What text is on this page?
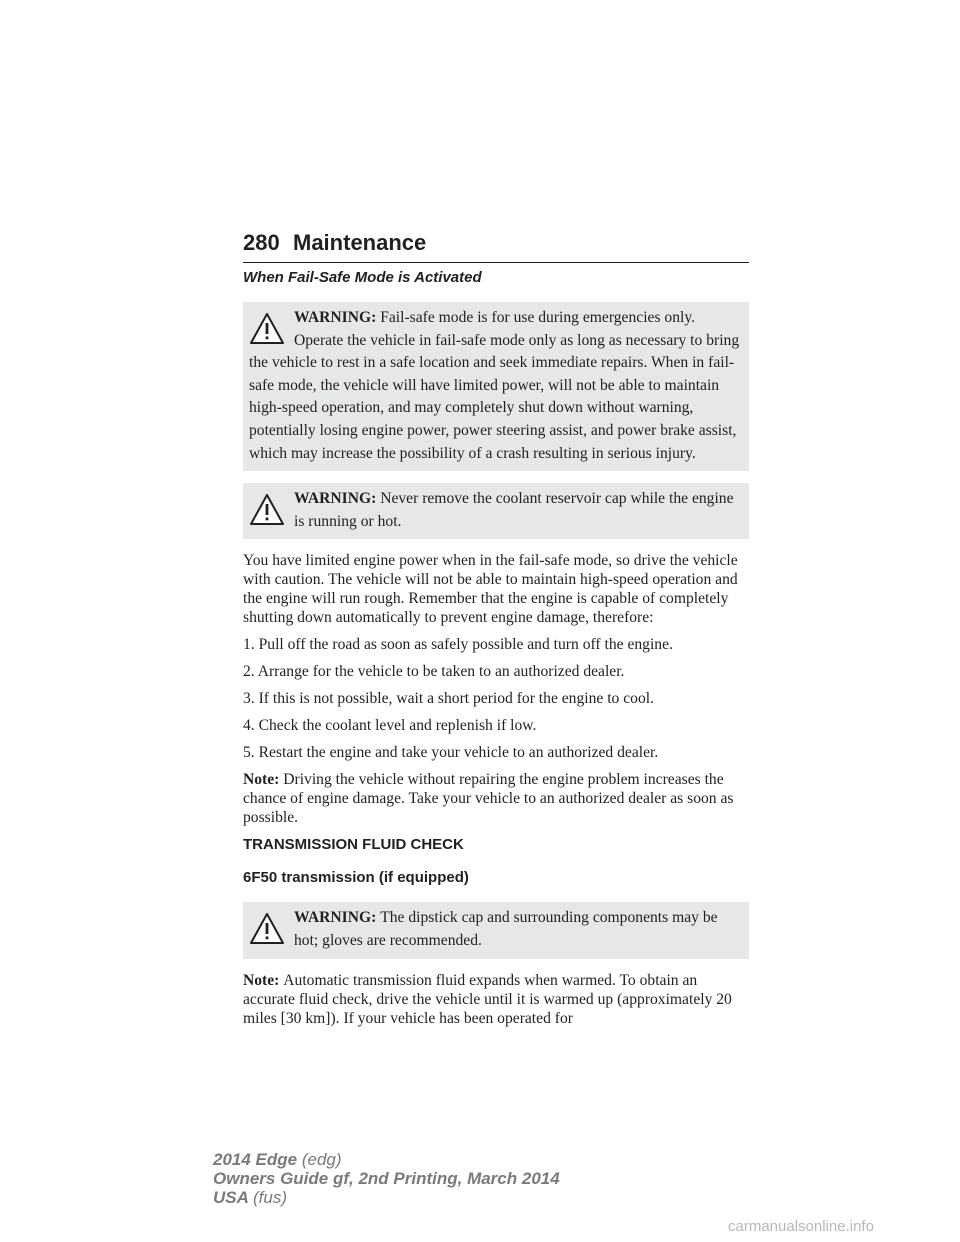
280 Maintenance
When Fail-Safe Mode is Activated

WARNING: Fail-safe mode is for use during emergencies only. Operate the vehicle in fail-safe mode only as long as necessary to bring the vehicle to rest in a safe location and seek immediate repairs. When in fail-safe mode, the vehicle will have limited power, will not be able to maintain high-speed operation, and may completely shut down without warning, potentially losing engine power, power steering assist, and power brake assist, which may increase the possibility of a crash resulting in serious injury.

WARNING: Never remove the coolant reservoir cap while the engine is running or hot.

You have limited engine power when in the fail-safe mode, so drive the vehicle with caution. The vehicle will not be able to maintain high-speed operation and the engine will run rough. Remember that the engine is capable of completely shutting down automatically to prevent engine damage, therefore:

1. Pull off the road as soon as safely possible and turn off the engine.

2. Arrange for the vehicle to be taken to an authorized dealer.

3. If this is not possible, wait a short period for the engine to cool.

4. Check the coolant level and replenish if low.

5. Restart the engine and take your vehicle to an authorized dealer.

Note: Driving the vehicle without repairing the engine problem increases the chance of engine damage. Take your vehicle to an authorized dealer as soon as possible.

TRANSMISSION FLUID CHECK
6F50 transmission (if equipped)

WARNING: The dipstick cap and surrounding components may be hot; gloves are recommended.

Note: Automatic transmission fluid expands when warmed. To obtain an accurate fluid check, drive the vehicle until it is warmed up (approximately 20 miles [30 km]). If your vehicle has been operated for

2014 Edge (edg)
Owners Guide gf, 2nd Printing, March 2014
USA (fus)
carmanualsonline.info
